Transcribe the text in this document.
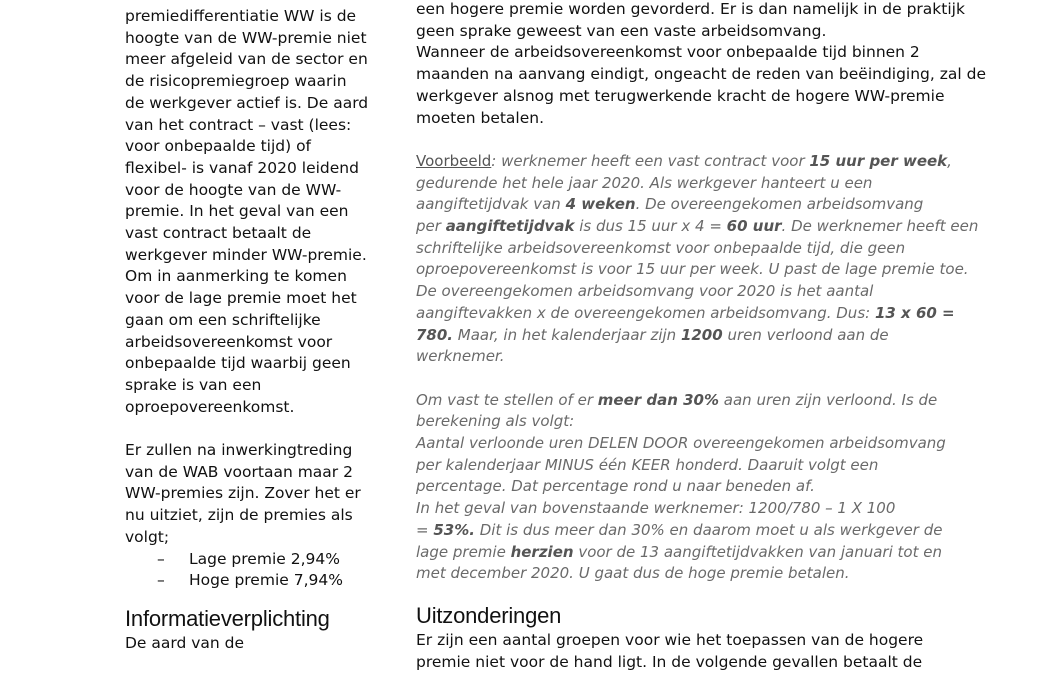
premiedifferentiatie WW is de
hoogte van de WW-premie niet
meer afgeleid van de sector en
de risicopremiegroep waarin
de werkgever actief is. De aard
van het contract – vast (lees:
voor onbepaalde tijd) of
flexibel- is vanaf 2020 leidend
voor de hoogte van de WW-
premie. In het geval van een
vast contract betaalt de
werkgever minder WW-premie.
Om in aanmerking te komen
voor de lage premie moet het
gaan om een schriftelijke
arbeidsovereenkomst voor
onbepaalde tijd waarbij geen
sprake is van een
oproepovereenkomst.
Er zullen na inwerkingtreding
van de WAB voortaan maar 2
WW-premies zijn. Zover het er
nu uitziet, zijn de premies als
volgt;
– Lage premie 2,94%
– Hoge premie 7,94%
Informatieverplichting
De aard van de
een hogere premie worden gevorderd. Er is dan namelijk in de praktijk
geen sprake geweest van een vaste arbeidsomvang.
Wanneer de arbeidsovereenkomst voor onbepaalde tijd binnen 2
maanden na aanvang eindigt, ongeacht de reden van beëindiging, zal de
werkgever alsnog met terugwerkende kracht de hogere WW-premie
moeten betalen.
Voorbeeld: werknemer heeft een vast contract voor 15 uur per week,
gedurende het hele jaar 2020. Als werkgever hanteert u een
aangiftetijdvak van 4 weken. De overeengekomen arbeidsomvang
per aangiftetijdvak is dus 15 uur x 4 = 60 uur. De werknemer heeft een
schriftelijke arbeidsovereenkomst voor onbepaalde tijd, die geen
oproepovereenkomst is voor 15 uur per week. U past de lage premie toe.
De overeengekomen arbeidsomvang voor 2020 is het aantal
aangiftevakken x de overeengekomen arbeidsomvang. Dus: 13 x 60 =
780. Maar, in het kalenderjaar zijn 1200 uren verloond aan de
werknemer.
Om vast te stellen of er meer dan 30% aan uren zijn verloond. Is de
berekening als volgt:
Aantal verloonde uren DELEN DOOR overeengekomen arbeidsomvang
per kalenderjaar MINUS één KEER honderd. Daaruit volgt een
percentage. Dat percentage rond u naar beneden af.
In het geval van bovenstaande werknemer: 1200/780 – 1 X 100
= 53%. Dit is dus meer dan 30% en daarom moet u als werkgever de
lage premie herzien voor de 13 aangiftetijdvakken van januari tot en
met december 2020. U gaat dus de hoge premie betalen.
Uitzonderingen
Er zijn een aantal groepen voor wie het toepassen van de hogere
premie niet voor de hand ligt. In de volgende gevallen betaalt de
